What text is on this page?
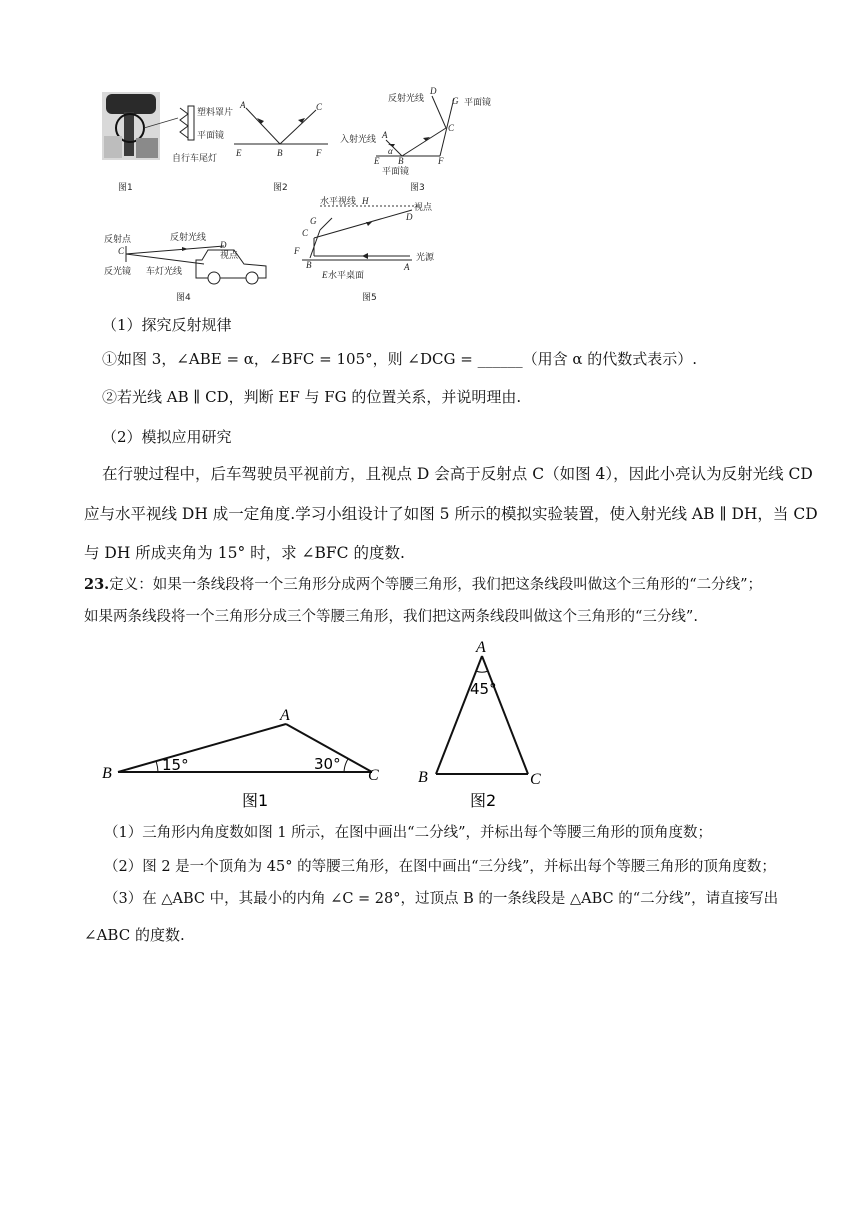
塑料罩片
平面镜
自行车尾灯
图1
A	C
E	B	F
图2
反射光线	平面镜
入射光线
平面镜
D
G
C
A
E B	F
α
图3
反射点	反射光线
视点
反光镜 车灯光线
C
D
图4
水平视线
视点
光源
水平桌面
H
G	D
C
F
B
E
A
图5
（1）探究反射规律
①如图 3，∠ABE = α，∠BFC = 105°，则 ∠DCG = ______（用含 α 的代数式表示）.
②若光线 AB ∥ CD，判断 EF 与 FG 的位置关系，并说明理由.
（2）模拟应用研究
在行驶过程中，后车驾驶员平视前方，且视点 D 会高于反射点 C（如图 4），因此小亮认为反射光线 CD
应与水平视线 DH 成一定角度.学习小组设计了如图 5 所示的模拟实验装置，使入射光线 AB ∥ DH，当 CD
与 DH 所成夹角为 15° 时，求 ∠BFC 的度数.
23.定义：如果一条线段将一个三角形分成两个等腰三角形，我们把这条线段叫做这个三角形的“二分线”；
如果两条线段将一个三角形分成三个等腰三角形，我们把这两条线段叫做这个三角形的“三分线”.
B
A
C
15°	30°
图1
A
B	C
45°
图2
（1）三角形内角度数如图 1 所示，在图中画出“二分线”，并标出每个等腰三角形的顶角度数；
（2）图 2 是一个顶角为 45° 的等腰三角形，在图中画出“三分线”，并标出每个等腰三角形的顶角度数；
（3）在 △ABC 中，其最小的内角 ∠C = 28°，过顶点 B 的一条线段是 △ABC 的“二分线”，请直接写出
∠ABC 的度数.
